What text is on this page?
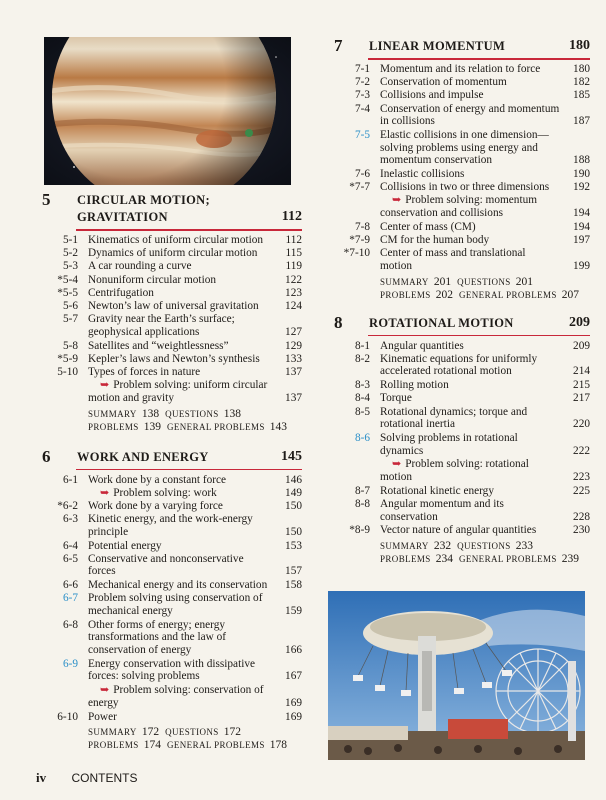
5 CIRCULAR MOTION;
GRAVITATION	112
5-1 Kinematics of uniform circular motion 112
5-2 Dynamics of uniform circular motion 115
5-3 A car rounding a curve	119
*5-4 Nonuniform circular motion	122
*5-5 Centrifugation	123
5-6 Newton’s law of universal gravitation 124
5-7 Gravity near the Earth’s surface;
geophysical applications	127
5-8 Satellites and “weightlessness”	129
*5-9 Kepler’s laws and Newton’s synthesis 133
5-10 Types of forces in nature	137
➥ Problem solving: uniform circular
motion and gravity	137
SUMMARY 138 QUESTIONS 138
PROBLEMS 139 GENERAL PROBLEMS 143
6 WORK AND ENERGY	145
6-1 Work done by a constant force	146
➥ Problem solving: work	149
*6-2 Work done by a varying force	150
6-3 Kinetic energy, and the work-energy
principle	150
6-4 Potential energy	153
6-5 Conservative and nonconservative
forces	157
6-6 Mechanical energy and its conservation 158
6-7 Problem solving using conservation of
mechanical energy	159
6-8 Other forms of energy; energy
transformations and the law of
conservation of energy	166
6-9 Energy conservation with dissipative
forces: solving problems	167
➥ Problem solving: conservation of
energy	169
6-10 Power	169
SUMMARY 172 QUESTIONS 172
PROBLEMS 174 GENERAL PROBLEMS 178
7 LINEAR MOMENTUM	180
7-1 Momentum and its relation to force	180
7-2 Conservation of momentum	182
7-3 Collisions and impulse	185
7-4 Conservation of energy and momentum
in collisions	187
7-5 Elastic collisions in one dimension—
solving problems using energy and
momentum conservation	188
7-6 Inelastic collisions	190
*7-7 Collisions in two or three dimensions 192
➥ Problem solving: momentum
conservation and collisions	194
7-8 Center of mass (CM)	194
*7-9 CM for the human body	197
*7-10 Center of mass and translational
motion	199
SUMMARY 201 QUESTIONS 201
PROBLEMS 202 GENERAL PROBLEMS 207
8 ROTATIONAL MOTION	209
8-1 Angular quantities	209
8-2 Kinematic equations for uniformly
accelerated rotational motion	214
8-3 Rolling motion	215
8-4 Torque	217
8-5 Rotational dynamics; torque and
rotational inertia	220
8-6 Solving problems in rotational
dynamics	222
➥ Problem solving: rotational
motion	223
8-7 Rotational kinetic energy	225
8-8 Angular momentum and its
conservation	228
*8-9 Vector nature of angular quantities	230
SUMMARY 232 QUESTIONS 233
PROBLEMS 234 GENERAL PROBLEMS 239
iv CONTENTS
